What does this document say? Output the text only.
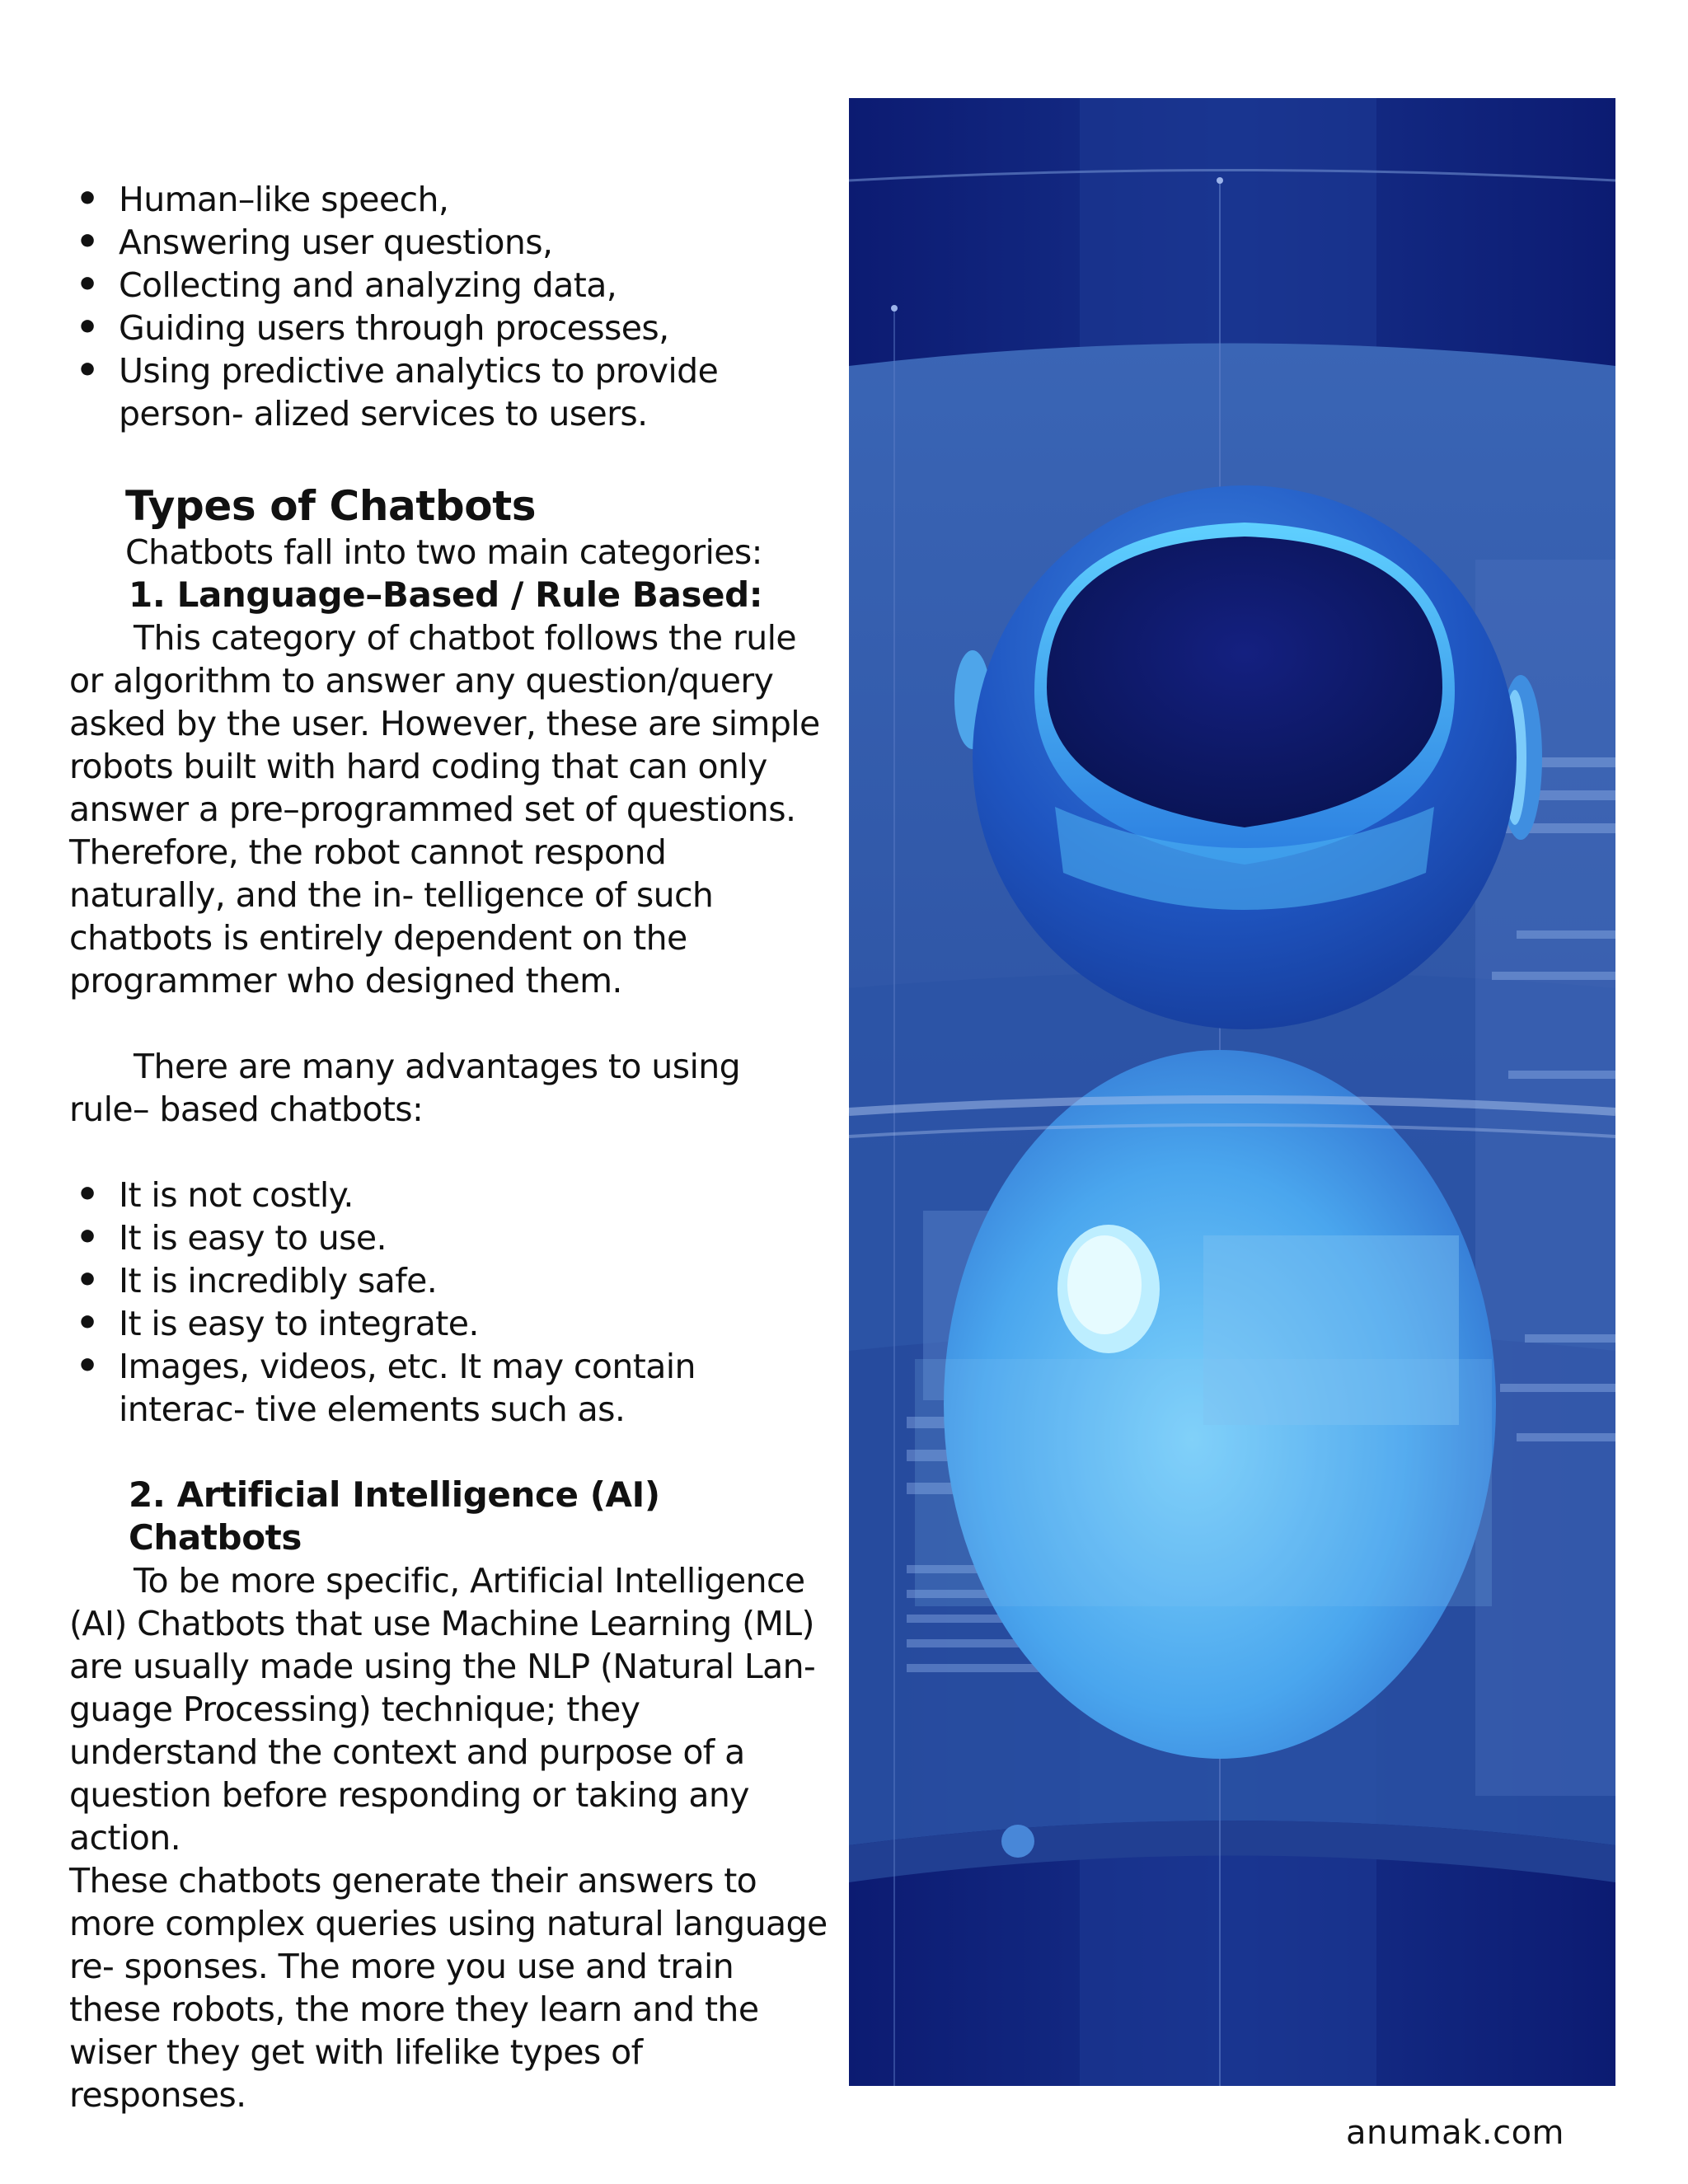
• Human–like speech,
• Answering user questions,
• Collecting and analyzing data,
• Guiding users through processes,
• Using predictive analytics to provide person- alized services to users.
Types of Chatbots

Chatbots fall into two main categories:

1. Language–Based / Rule Based:

This category of chatbot follows the rule or algorithm to answer any question/query asked by the user. However, these are simple robots built with hard coding that can only answer a pre–programmed set of questions. Therefore, the robot cannot respond naturally, and the in- telligence of such chatbots is entirely dependent on the programmer who designed them.

There are many advantages to using rule– based chatbots:

• It is not costly.
• It is easy to use.
• It is incredibly safe.
• It is easy to integrate.
• Images, videos, etc. It may contain interac- tive elements such as.
2. Artificial Intelligence (AI) Chatbots

To be more specific, Artificial Intelligence (AI) Chatbots that use Machine Learning (ML) are usually made using the NLP (Natural Lan- guage Processing) technique; they understand the context and purpose of a question before responding or taking any action.

These chatbots generate their answers to more complex queries using natural language re- sponses. The more you use and train these robots, the more they learn and the wiser they get with lifelike types of responses.

anumak.com
